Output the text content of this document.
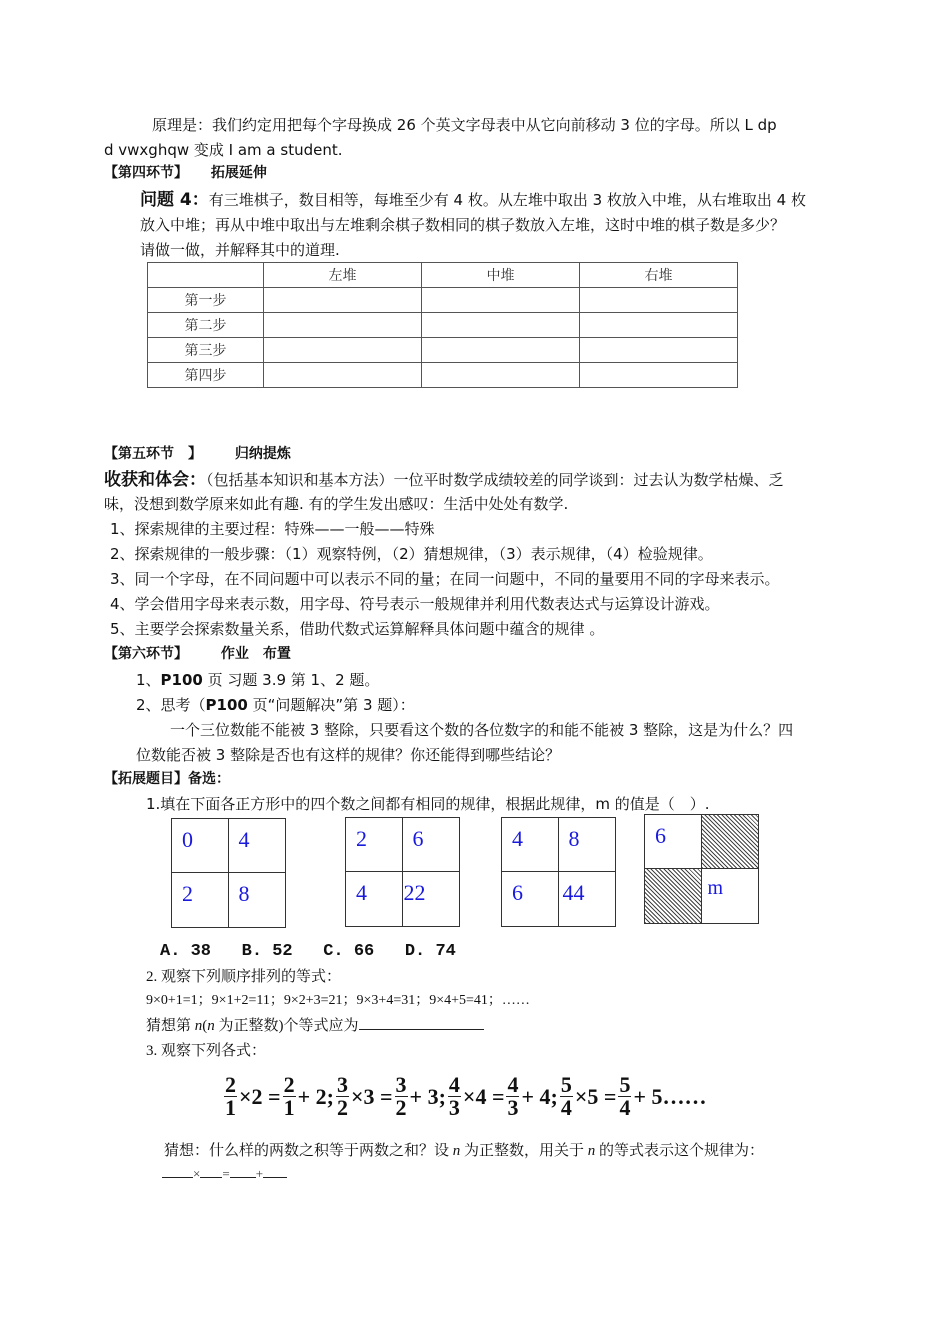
原理是：我们约定用把每个字母换成 26 个英文字母表中从它向前移动 3 位的字母。所以 L dp
d vwxghqw 变成 I am a student.
【第四环节】 拓展延伸
问题 4：有三堆棋子，数目相等，每堆至少有 4 枚。从左堆中取出 3 枚放入中堆，从右堆取出 4 枚
放入中堆；再从中堆中取出与左堆剩余棋子数相同的棋子数放入左堆，这时中堆的棋子数是多少？
请做一做，并解释其中的道理.
	左堆	中堆	右堆
第一步			
第二步			
第三步			
第四步			
【第五环节　】 归纳提炼
收获和体会：（包括基本知识和基本方法）一位平时数学成绩较差的同学谈到：过去认为数学枯燥、乏
味，没想到数学原来如此有趣. 有的学生发出感叹：生活中处处有数学.
1、探索规律的主要过程：特殊——一般——特殊
2、探索规律的一般步骤：（1）观察特例，（2）猜想规律，（3）表示规律，（4）检验规律。
3、同一个字母，在不同问题中可以表示不同的量；在同一问题中，不同的量要用不同的字母来表示。
4、学会借用字母来表示数，用字母、符号表示一般规律并利用代数表达式与运算设计游戏。
5、主要学会探索数量关系，借助代数式运算解释具体问题中蕴含的规律 。
【第六环节】 作业　布置
1、P100 页 习题 3.9 第 1、2 题。
2、思考（P100 页“问题解决”第 3 题）：
一个三位数能不能被 3 整除，只要看这个数的各位数字的和能不能被 3 整除，这是为什么？四
位数能否被 3 整除是否也有这样的规律？你还能得到哪些结论？
【拓展题目】备选：
1.填在下面各正方形中的四个数之间都有相同的规律，根据此规律，m 的值是（　）.
0 4
2 8
2 6
4 22
4 8
6 44
6
m
A. 38   B. 52   C. 66   D. 74
2. 观察下列顺序排列的等式：
9×0+1=1；9×1+2=11；9×2+3=21；9×3+4=31；9×4+5=41；……
猜想第 n(n 为正整数)个等式应为
3. 观察下列各式：
$\frac{2}{1} \times 2 = \frac{2}{1} + 2$; $\frac{3}{2} \times 3 = \frac{3}{2} + 3$; $\frac{4}{3} \times 4 = \frac{4}{3} + 4$; $\frac{5}{4} \times 5 = \frac{5}{4}$ + 5……
猜想：什么样的两数之积等于两数之和？设 n 为正整数，用关于 n 的等式表示这个规律为：
× = +
